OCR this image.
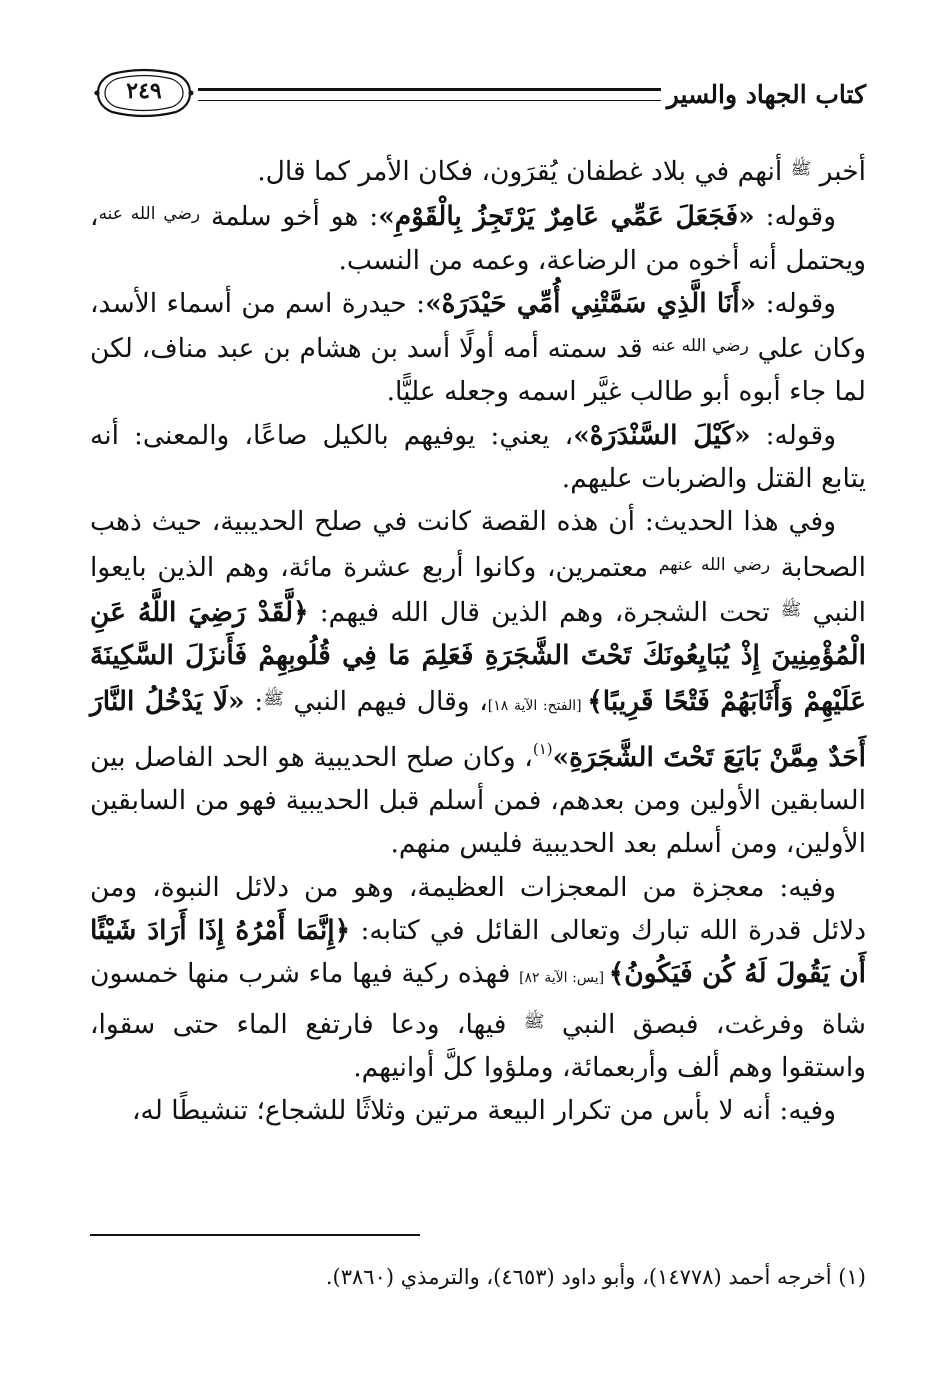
كتاب الجهاد والسير
٢٤٩

أخبر $^ﷺ$ أنهم في بلاد غطفان يُقرَون، فكان الأمر كما قال.

وقوله: «فَجَعَلَ عَمِّي عَامِرٌ يَرْتَجِزُ بِالْقَوْمِ»: هو أخو سلمة $^{رضي الله عنه}$، ويحتمل أنه أخوه من الرضاعة، وعمه من النسب.

وقوله: «أَنَا الَّذِي سَمَّتْنِي أُمِّي حَيْدَرَهْ»: حيدرة اسم من أسماء الأسد، وكان علي $^{رضي الله عنه}$ قد سمته أمه أولًا أسد بن هشام بن عبد مناف، لكن لما جاء أبوه أبو طالب غيَّر اسمه وجعله عليًّا.

وقوله: «كَيْلَ السَّنْدَرَهْ»، يعني: يوفيهم بالكيل صاعًا، والمعنى: أنه يتابع القتل والضربات عليهم.

وفي هذا الحديث: أن هذه القصة كانت في صلح الحديبية، حيث ذهب الصحابة $^{رضي الله عنهم}$ معتمرين، وكانوا أربع عشرة مائة، وهم الذين بايعوا النبي $^ﷺ$ تحت الشجرة، وهم الذين قال الله فيهم: ﴿لَّقَدْ رَضِيَ اللَّهُ عَنِ الْمُؤْمِنِينَ إِذْ يُبَايِعُونَكَ تَحْتَ الشَّجَرَةِ فَعَلِمَ مَا فِي قُلُوبِهِمْ فَأَنزَلَ السَّكِينَةَ عَلَيْهِمْ وَأَثَابَهُمْ فَتْحًا قَرِيبًا﴾ [الفتح: الآية ١٨]، وقال فيهم النبي $^ﷺ$: «لَا يَدْخُلُ النَّارَ أَحَدٌ مِمَّنْ بَايَعَ تَحْتَ الشَّجَرَةِ»$^{(١)}$، وكان صلح الحديبية هو الحد الفاصل بين السابقين الأولين ومن بعدهم، فمن أسلم قبل الحديبية فهو من السابقين الأولين، ومن أسلم بعد الحديبية فليس منهم.

وفيه: معجزة من المعجزات العظيمة، وهو من دلائل النبوة، ومن دلائل قدرة الله تبارك وتعالى القائل في كتابه: ﴿إِنَّمَا أَمْرُهُ إِذَا أَرَادَ شَيْئًا أَن يَقُولَ لَهُ كُن فَيَكُونُ﴾ [يس: الآية ٨٢] فهذه ركية فيها ماء شرب منها خمسون شاة وفرغت، فبصق النبي $^ﷺ$ فيها، ودعا فارتفع الماء حتى سقوا، واستقوا وهم ألف وأربعمائة، وملؤوا كلَّ أوانيهم.

وفيه: أنه لا بأس من تكرار البيعة مرتين وثلاثًا للشجاع؛ تنشيطًا له،

(١) أخرجه أحمد (١٤٧٧٨)، وأبو داود (٤٦٥٣)، والترمذي (٣٨٦٠).
